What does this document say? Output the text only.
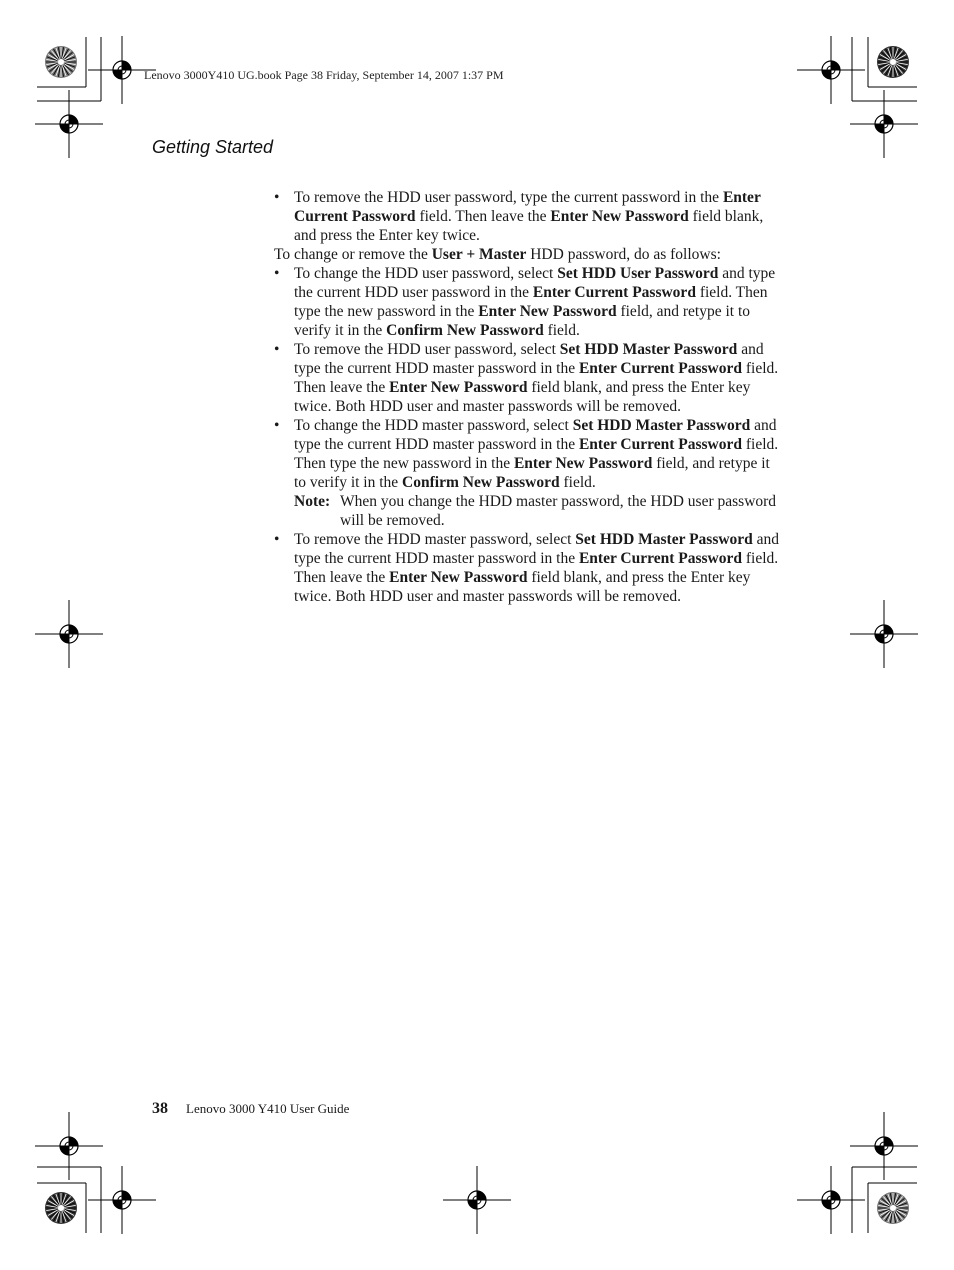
Lenovo 3000Y410 UG.book Page 38 Friday, September 14, 2007 1:37 PM
Getting Started

• To remove the HDD user password, type the current password in the Enter Current Password field. Then leave the Enter New Password field blank, and press the Enter key twice.

To change or remove the User + Master HDD password, do as follows:

• To change the HDD user password, select Set HDD User Password and type the current HDD user password in the Enter Current Password field. Then type the new password in the Enter New Password field, and retype it to verify it in the Confirm New Password field.

• To remove the HDD user password, select Set HDD Master Password and type the current HDD master password in the Enter Current Password field. Then leave the Enter New Password field blank, and press the Enter key twice. Both HDD user and master passwords will be removed.

• To change the HDD master password, select Set HDD Master Password and type the current HDD master password in the Enter Current Password field. Then type the new password in the Enter New Password field, and retype it to verify it in the Confirm New Password field.

Note: When you change the HDD master password, the HDD user password will be removed.

• To remove the HDD master password, select Set HDD Master Password and type the current HDD master password in the Enter Current Password field. Then leave the Enter New Password field blank, and press the Enter key twice. Both HDD user and master passwords will be removed.

38 Lenovo 3000 Y410 User Guide
